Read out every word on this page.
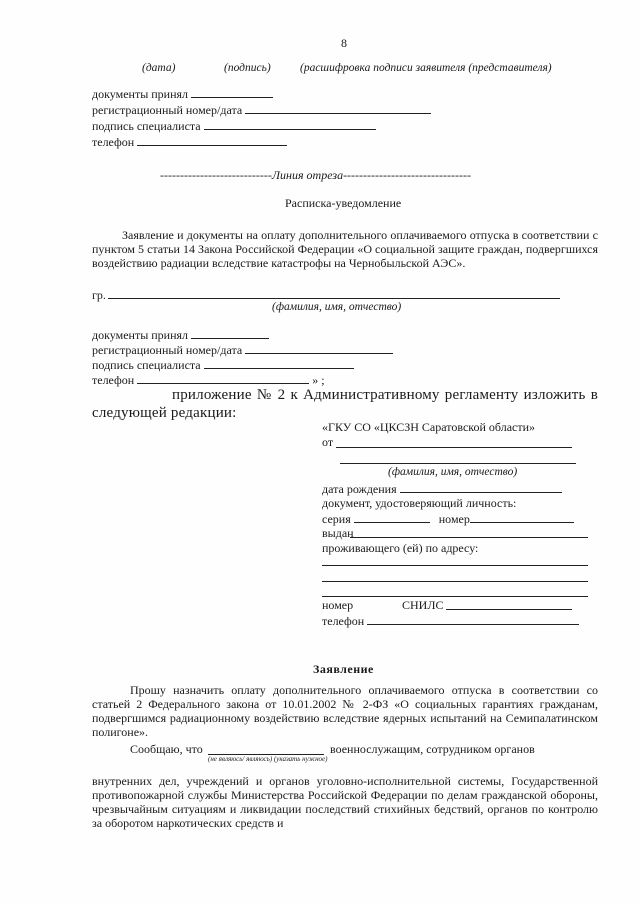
8
(дата)	(подпись)	(расшифровка подписи заявителя (представителя)
документы принял
регистрационный номер/дата
подпись специалиста
телефон
----------------------------Линия отреза--------------------------------
Расписка-уведомление
Заявление и документы на оплату дополнительного оплачиваемого отпуска в соответствии с пунктом 5 статьи 14 Закона Российской Федерации «О социальной защите граждан, подвергшихся воздействию радиации вследствие катастрофы на Чернобыльской АЭС».
гр.
(фамилия, имя, отчество)
документы принял
регистрационный номер/дата
подпись специалиста
телефон	» ;
приложение № 2 к Административному регламенту изложить в следующей редакции:
«ГКУ СО «ЦКСЗН Саратовской области»
от
(фамилия, имя, отчество)
дата рождения
документ, удостоверяющий личность:
серия	номер
выдан
проживающего (ей) по адресу:
номер	СНИЛС
телефон
Заявление
Прошу назначить оплату дополнительного оплачиваемого отпуска в соответствии со статьей 2 Федерального закона от 10.01.2002 № 2-ФЗ «О социальных гарантиях гражданам, подвергшимся радиационному воздействию вследствие ядерных испытаний на Семипалатинском полигоне».
Сообщаю, что	военнослужащим, сотрудником органов
(не являюсь/ являюсь) (указать нужное)
внутренних дел, учреждений и органов уголовно-исполнительной системы, Государственной противопожарной службы Министерства Российской Федерации по делам гражданской обороны, чрезвычайным ситуациям и ликвидации последствий стихийных бедствий, органов по контролю за оборотом наркотических средств и
